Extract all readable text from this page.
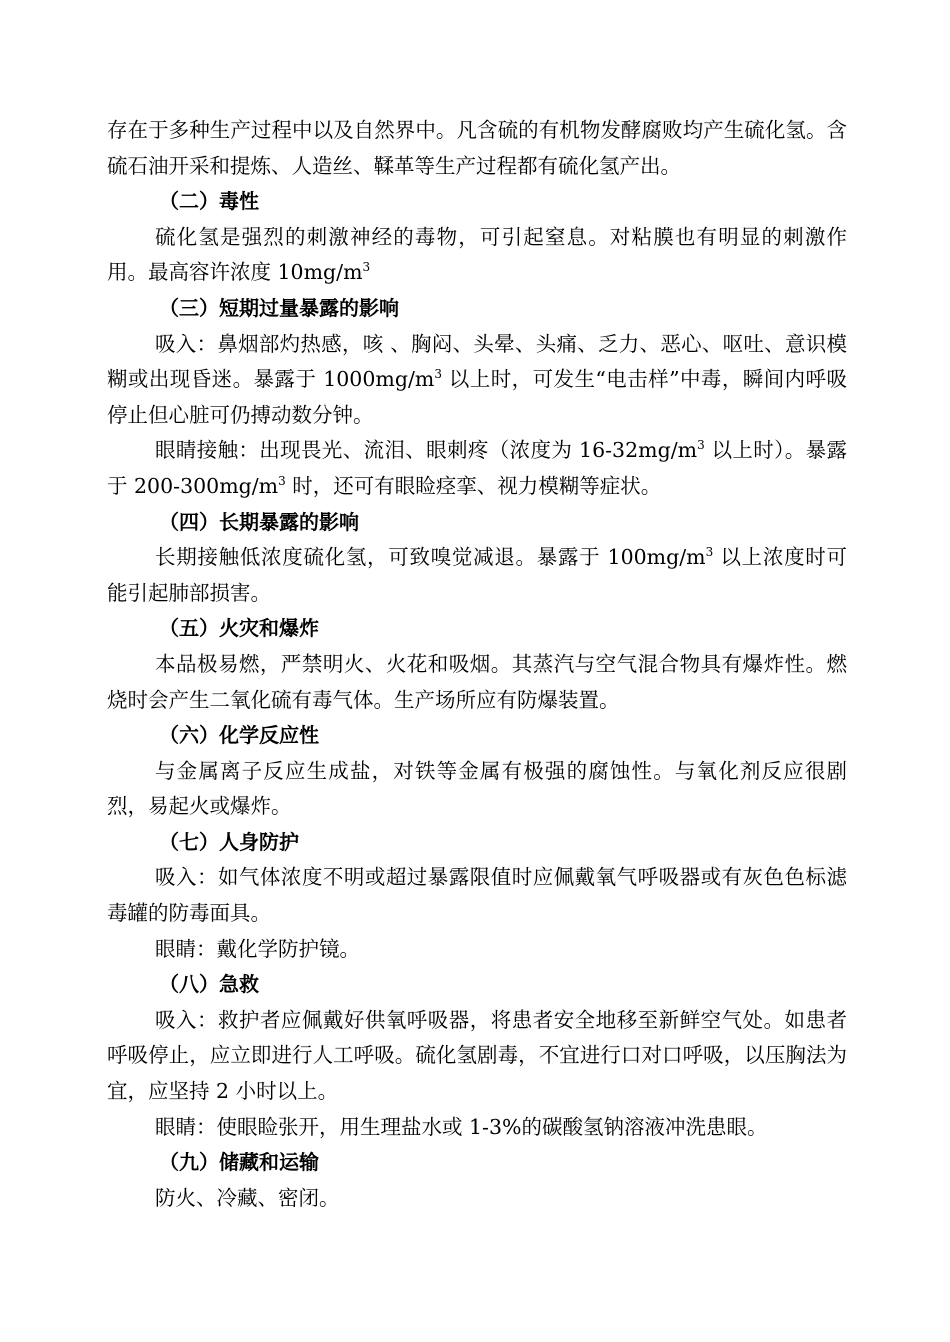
存在于多种生产过程中以及自然界中。凡含硫的有机物发酵腐败均产生硫化氢。含硫石油开采和提炼、人造丝、鞣革等生产过程都有硫化氢产出。

（二）毒性

硫化氢是强烈的刺激神经的毒物，可引起窒息。对粘膜也有明显的刺激作用。最高容许浓度 $10mg/m^3$

（三）短期过量暴露的影响

吸入：鼻烟部灼热感，咳 、胸闷、头晕、头痛、乏力、恶心、呕吐、意识模糊或出现昏迷。暴露于 $1000mg/m^3$ 以上时，可发生“电击样”中毒，瞬间内呼吸停止但心脏可仍搏动数分钟。

眼睛接触：出现畏光、流泪、眼刺疼（浓度为 $16-32mg/m^3$ 以上时）。暴露于 $200-300mg/m^3$ 时，还可有眼睑痉挛、视力模糊等症状。

（四）长期暴露的影响

长期接触低浓度硫化氢，可致嗅觉减退。暴露于 $100mg/m^3$ 以上浓度时可能引起肺部损害。

（五）火灾和爆炸

本品极易燃，严禁明火、火花和吸烟。其蒸汽与空气混合物具有爆炸性。燃烧时会产生二氧化硫有毒气体。生产场所应有防爆装置。

（六）化学反应性

与金属离子反应生成盐，对铁等金属有极强的腐蚀性。与氧化剂反应很剧烈，易起火或爆炸。

（七）人身防护

吸入：如气体浓度不明或超过暴露限值时应佩戴氧气呼吸器或有灰色色标滤毒罐的防毒面具。

眼睛：戴化学防护镜。

（八）急救

吸入：救护者应佩戴好供氧呼吸器，将患者安全地移至新鲜空气处。如患者呼吸停止，应立即进行人工呼吸。硫化氢剧毒，不宜进行口对口呼吸，以压胸法为宜，应坚持 2 小时以上。

眼睛：使眼睑张开，用生理盐水或 1-3%的碳酸氢钠溶液冲洗患眼。

（九）储藏和运输

防火、冷藏、密闭。
